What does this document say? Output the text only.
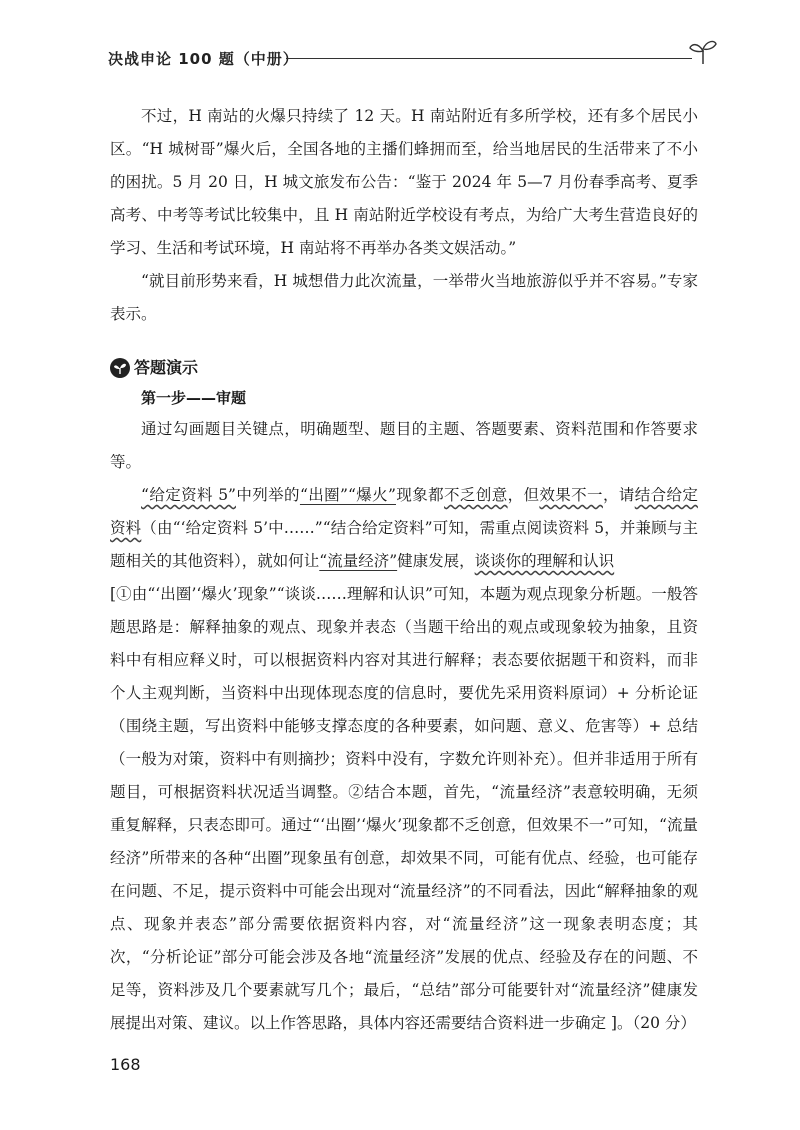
决战申论 100 题（中册）

不过，H 南站的火爆只持续了 12 天。H 南站附近有多所学校，还有多个居民小区。“H 城树哥”爆火后，全国各地的主播们蜂拥而至，给当地居民的生活带来了不小的困扰。5 月 20 日，H 城文旅发布公告：“鉴于 2024 年 5—7 月份春季高考、夏季高考、中考等考试比较集中，且 H 南站附近学校设有考点，为给广大考生营造良好的学习、生活和考试环境，H 南站将不再举办各类文娱活动。”

“就目前形势来看，H 城想借力此次流量，一举带火当地旅游似乎并不容易。”专家表示。

答题演示
第一步——审题

通过勾画题目关键点，明确题型、题目的主题、答题要素、资料范围和作答要求等。

“给定资料 5”中列举的“出圈”“爆火”现象都不乏创意，但效果不一，请结合给定资料（由“‘给定资料 5’中……”“结合给定资料”可知，需重点阅读资料 5，并兼顾与主题相关的其他资料），就如何让“流量经济”健康发展，谈谈你的理解和认识

[①由“‘出圈’‘爆火’现象”“谈谈……理解和认识”可知，本题为观点现象分析题。一般答题思路是：解释抽象的观点、现象并表态（当题干给出的观点或现象较为抽象，且资料中有相应释义时，可以根据资料内容对其进行解释；表态要依据题干和资料，而非个人主观判断，当资料中出现体现态度的信息时，要优先采用资料原词）+ 分析论证（围绕主题，写出资料中能够支撑态度的各种要素，如问题、意义、危害等）+ 总结（一般为对策，资料中有则摘抄；资料中没有，字数允许则补充）。但并非适用于所有题目，可根据资料状况适当调整。②结合本题，首先，“流量经济”表意较明确，无须重复解释，只表态即可。通过“‘出圈’‘爆火’现象都不乏创意，但效果不一”可知，“流量经济”所带来的各种“出圈”现象虽有创意，却效果不同，可能有优点、经验，也可能存在问题、不足，提示资料中可能会出现对“流量经济”的不同看法，因此“解释抽象的观点、现象并表态”部分需要依据资料内容，对“流量经济”这一现象表明态度；其次，“分析论证”部分可能会涉及各地“流量经济”发展的优点、经验及存在的问题、不足等，资料涉及几个要素就写几个；最后，“总结”部分可能要针对“流量经济”健康发展提出对策、建议。以上作答思路，具体内容还需要结合资料进一步确定 ]。（20 分）

168
